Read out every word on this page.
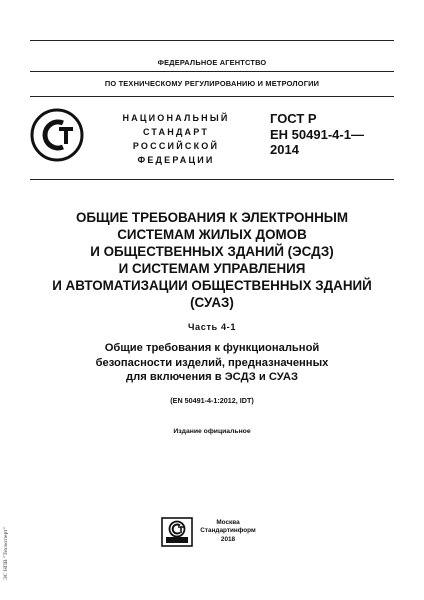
ФЕДЕРАЛЬНОЕ АГЕНТСТВО
ПО ТЕХНИЧЕСКОМУ РЕГУЛИРОВАНИЮ И МЕТРОЛОГИИ
НАЦИОНАЛЬНЫЙ
СТАНДАРТ
РОССИЙСКОЙ
ФЕДЕРАЦИИ
ГОСТ Р
ЕН 50491-4-1—
2014
ОБЩИЕ ТРЕБОВАНИЯ К ЭЛЕКТРОННЫМ
СИСТЕМАМ ЖИЛЫХ ДОМОВ
И ОБЩЕСТВЕННЫХ ЗДАНИЙ (ЭСДЗ)
И СИСТЕМАМ УПРАВЛЕНИЯ
И АВТОМАТИЗАЦИИ ОБЩЕСТВЕННЫХ ЗДАНИЙ
(СУАЗ)
Часть 4-1
Общие требования к функциональной
безопасности изделий, предназначенных
для включения в ЭСДЗ и СУАЗ
(EN 50491-4-1:2012, IDT)
Издание официальное
Москва
Стандартинформ
2018
ЭС НПВ "Техэксперт"
